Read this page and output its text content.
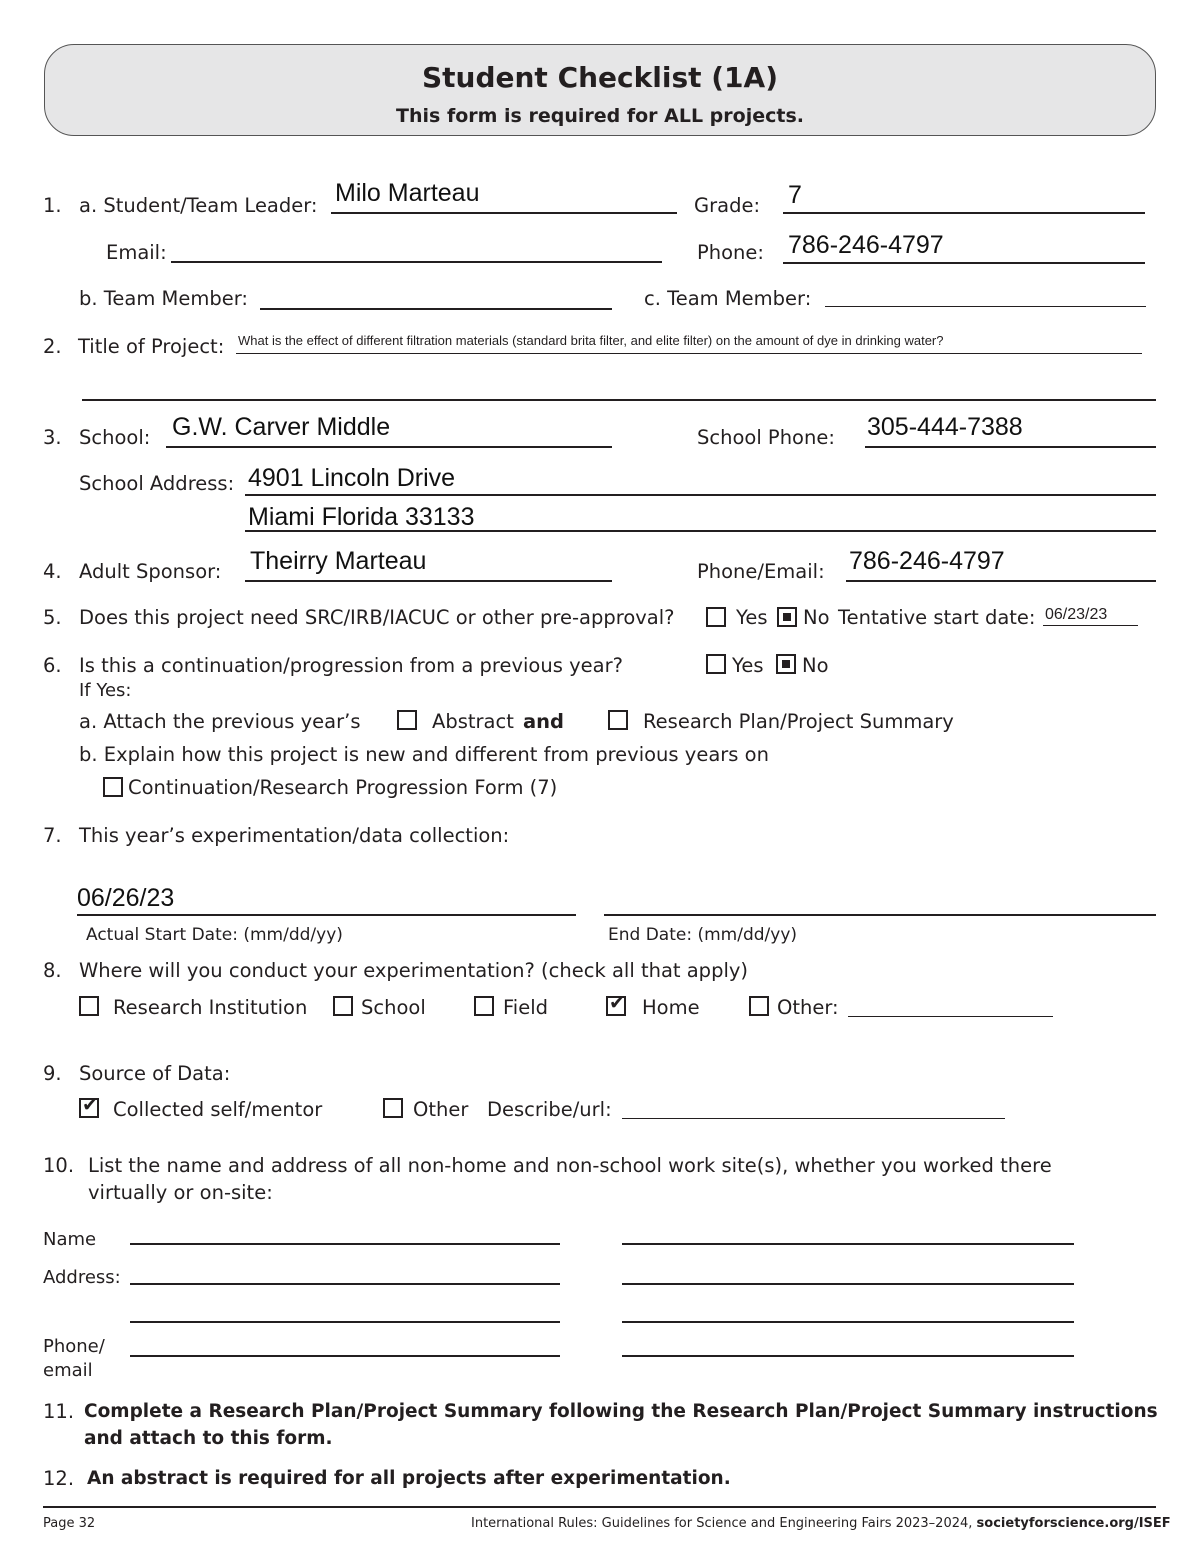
Student Checklist (1A)
This form is required for ALL projects.
1. a. Student/Team Leader: Milo Marteau	Grade: 7
Email:	Phone: 786-246-4797
b. Team Member:	c. Team Member:
2. Title of Project: What is the effect of different filtration materials (standard brita filter, and elite filter) on the amount of dye in drinking water?
3. School: G.W. Carver Middle	School Phone: 305-444-7388
School Address: 4901 Lincoln Drive
Miami Florida 33133
4. Adult Sponsor: Theirry Marteau	Phone/Email: 786-246-4797
5. Does this project need SRC/IRB/IACUC or other pre-approval?	Yes No Tentative start date: 06/23/23
6. Is this a continuation/progression from a previous year?	Yes No
If Yes:
a. Attach the previous year’s	Abstract and	Research Plan/Project Summary
b. Explain how this project is new and different from previous years on
Continuation/Research Progression Form (7)
7. This year’s experimentation/data collection:
06/26/23
Actual Start Date: (mm/dd/yy)	End Date: (mm/dd/yy)
8. Where will you conduct your experimentation? (check all that apply)
Research Institution	School	Field	✔ Home	Other:
9. Source of Data:
✔ Collected self/mentor	Other Describe/url:
10. List the name and address of all non-home and non-school work site(s), whether you worked there
virtually or on-site:
Name
Address:
Phone/
email
11. Complete a Research Plan/Project Summary following the Research Plan/Project Summary instructions
and attach to this form.
12. An abstract is required for all projects after experimentation.
Page 32	International Rules: Guidelines for Science and Engineering Fairs 2023–2024, societyforscience.org/ISEF
